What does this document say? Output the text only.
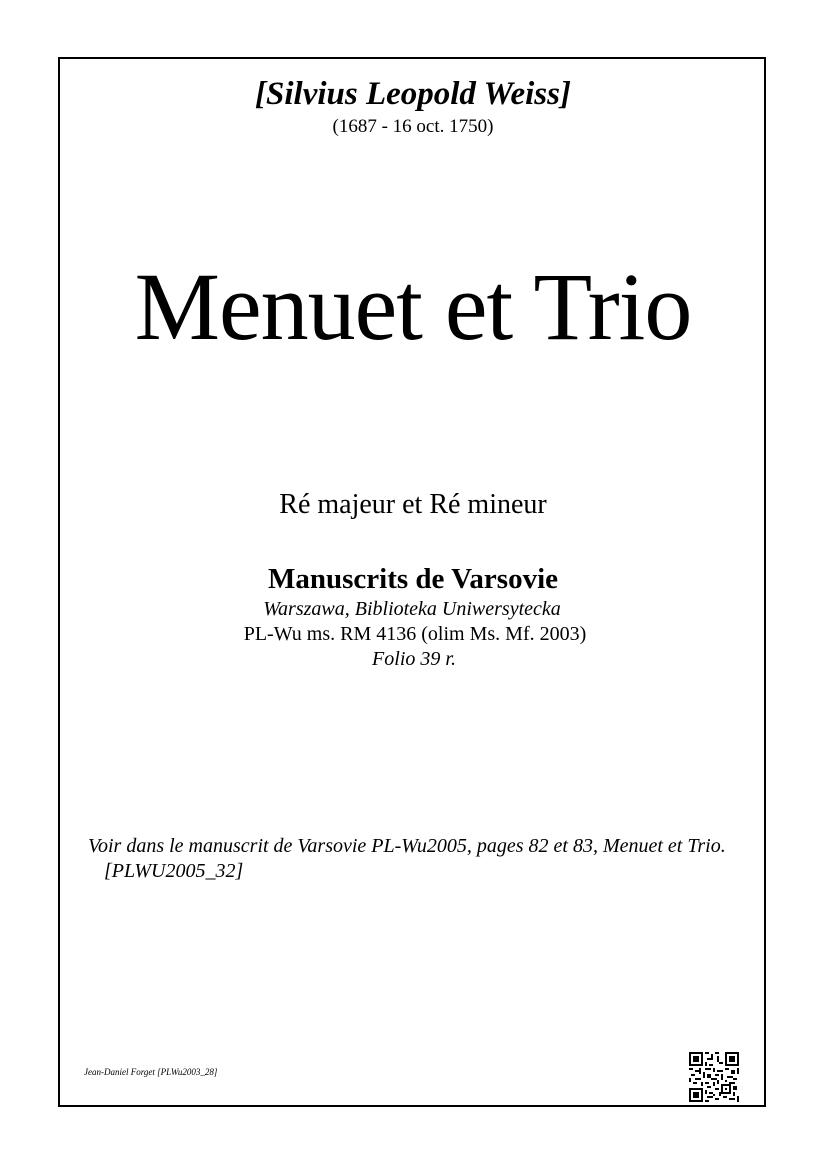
[Silvius Leopold Weiss]
(1687 - 16 oct. 1750)
Menuet et Trio
Ré majeur et Ré mineur
Manuscrits de Varsovie
Warszawa, Biblioteka Uniwersytecka
PL-Wu ms. RM 4136 (olim Ms. Mf. 2003)
Folio 39 r.
Voir dans le manuscrit de Varsovie PL-Wu2005, pages 82 et 83, Menuet et Trio. [PLWU2005_32]
Jean-Daniel Forget [PLWu2003_28]
